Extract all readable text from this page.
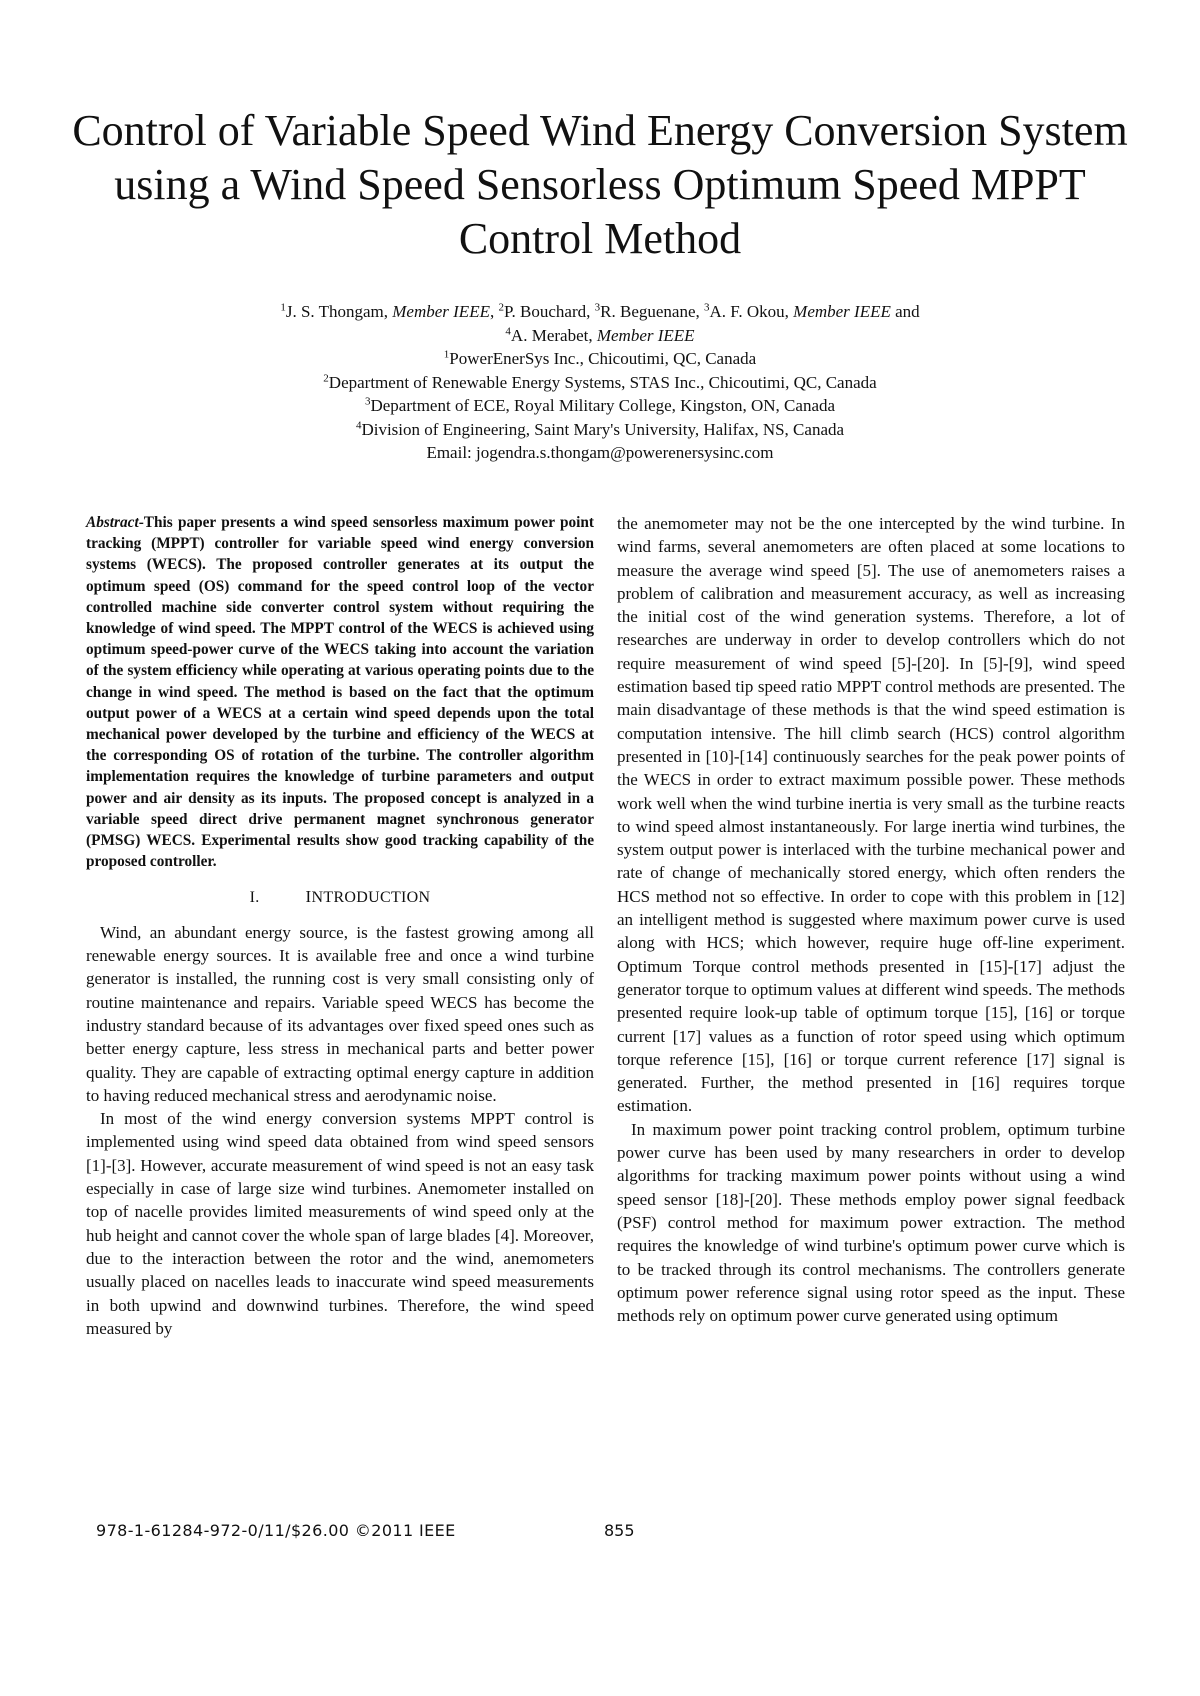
Control of Variable Speed Wind Energy Conversion System using a Wind Speed Sensorless Optimum Speed MPPT Control Method
$^1$J. S. Thongam, Member IEEE, $^2$P. Bouchard, $^3$R. Beguenane, $^3$A. F. Okou, Member IEEE and
$^4$A. Merabet, Member IEEE
$^1$PowerEnerSys Inc., Chicoutimi, QC, Canada
$^2$Department of Renewable Energy Systems, STAS Inc., Chicoutimi, QC, Canada
$^3$Department of ECE, Royal Military College, Kingston, ON, Canada
$^4$Division of Engineering, Saint Mary's University, Halifax, NS, Canada
Email: jogendra.s.thongam@powerenersysinc.com

Abstract-This paper presents a wind speed sensorless maximum power point tracking (MPPT) controller for variable speed wind energy conversion systems (WECS). The proposed controller generates at its output the optimum speed (OS) command for the speed control loop of the vector controlled machine side converter control system without requiring the knowledge of wind speed. The MPPT control of the WECS is achieved using optimum speed-power curve of the WECS taking into account the variation of the system efficiency while operating at various operating points due to the change in wind speed. The method is based on the fact that the optimum output power of a WECS at a certain wind speed depends upon the total mechanical power developed by the turbine and efficiency of the WECS at the corresponding OS of rotation of the turbine. The controller algorithm implementation requires the knowledge of turbine parameters and output power and air density as its inputs. The proposed concept is analyzed in a variable speed direct drive permanent magnet synchronous generator (PMSG) WECS. Experimental results show good tracking capability of the proposed controller.

I.	INTRODUCTION

Wind, an abundant energy source, is the fastest growing among all renewable energy sources. It is available free and once a wind turbine generator is installed, the running cost is very small consisting only of routine maintenance and repairs. Variable speed WECS has become the industry standard because of its advantages over fixed speed ones such as better energy capture, less stress in mechanical parts and better power quality. They are capable of extracting optimal energy capture in addition to having reduced mechanical stress and aerodynamic noise.

In most of the wind energy conversion systems MPPT control is implemented using wind speed data obtained from wind speed sensors [1]-[3]. However, accurate measurement of wind speed is not an easy task especially in case of large size wind turbines. Anemometer installed on top of nacelle provides limited measurements of wind speed only at the hub height and cannot cover the whole span of large blades [4]. Moreover, due to the interaction between the rotor and the wind, anemometers usually placed on nacelles leads to inaccurate wind speed measurements in both upwind and downwind turbines. Therefore, the wind speed measured by

the anemometer may not be the one intercepted by the wind turbine. In wind farms, several anemometers are often placed at some locations to measure the average wind speed [5]. The use of anemometers raises a problem of calibration and measurement accuracy, as well as increasing the initial cost of the wind generation systems. Therefore, a lot of researches are underway in order to develop controllers which do not require measurement of wind speed [5]-[20]. In [5]-[9], wind speed estimation based tip speed ratio MPPT control methods are presented. The main disadvantage of these methods is that the wind speed estimation is computation intensive. The hill climb search (HCS) control algorithm presented in [10]-[14] continuously searches for the peak power points of the WECS in order to extract maximum possible power. These methods work well when the wind turbine inertia is very small as the turbine reacts to wind speed almost instantaneously. For large inertia wind turbines, the system output power is interlaced with the turbine mechanical power and rate of change of mechanically stored energy, which often renders the HCS method not so effective. In order to cope with this problem in [12] an intelligent method is suggested where maximum power curve is used along with HCS; which however, require huge off-line experiment. Optimum Torque control methods presented in [15]-[17] adjust the generator torque to optimum values at different wind speeds. The methods presented require look-up table of optimum torque [15], [16] or torque current [17] values as a function of rotor speed using which optimum torque reference [15], [16] or torque current reference [17] signal is generated. Further, the method presented in [16] requires torque estimation.

In maximum power point tracking control problem, optimum turbine power curve has been used by many researchers in order to develop algorithms for tracking maximum power points without using a wind speed sensor [18]-[20]. These methods employ power signal feedback (PSF) control method for maximum power extraction. The method requires the knowledge of wind turbine's optimum power curve which is to be tracked through its control mechanisms. The controllers generate optimum power reference signal using rotor speed as the input. These methods rely on optimum power curve generated using optimum

978-1-61284-972-0/11/$26.00 ©2011 IEEE	855
